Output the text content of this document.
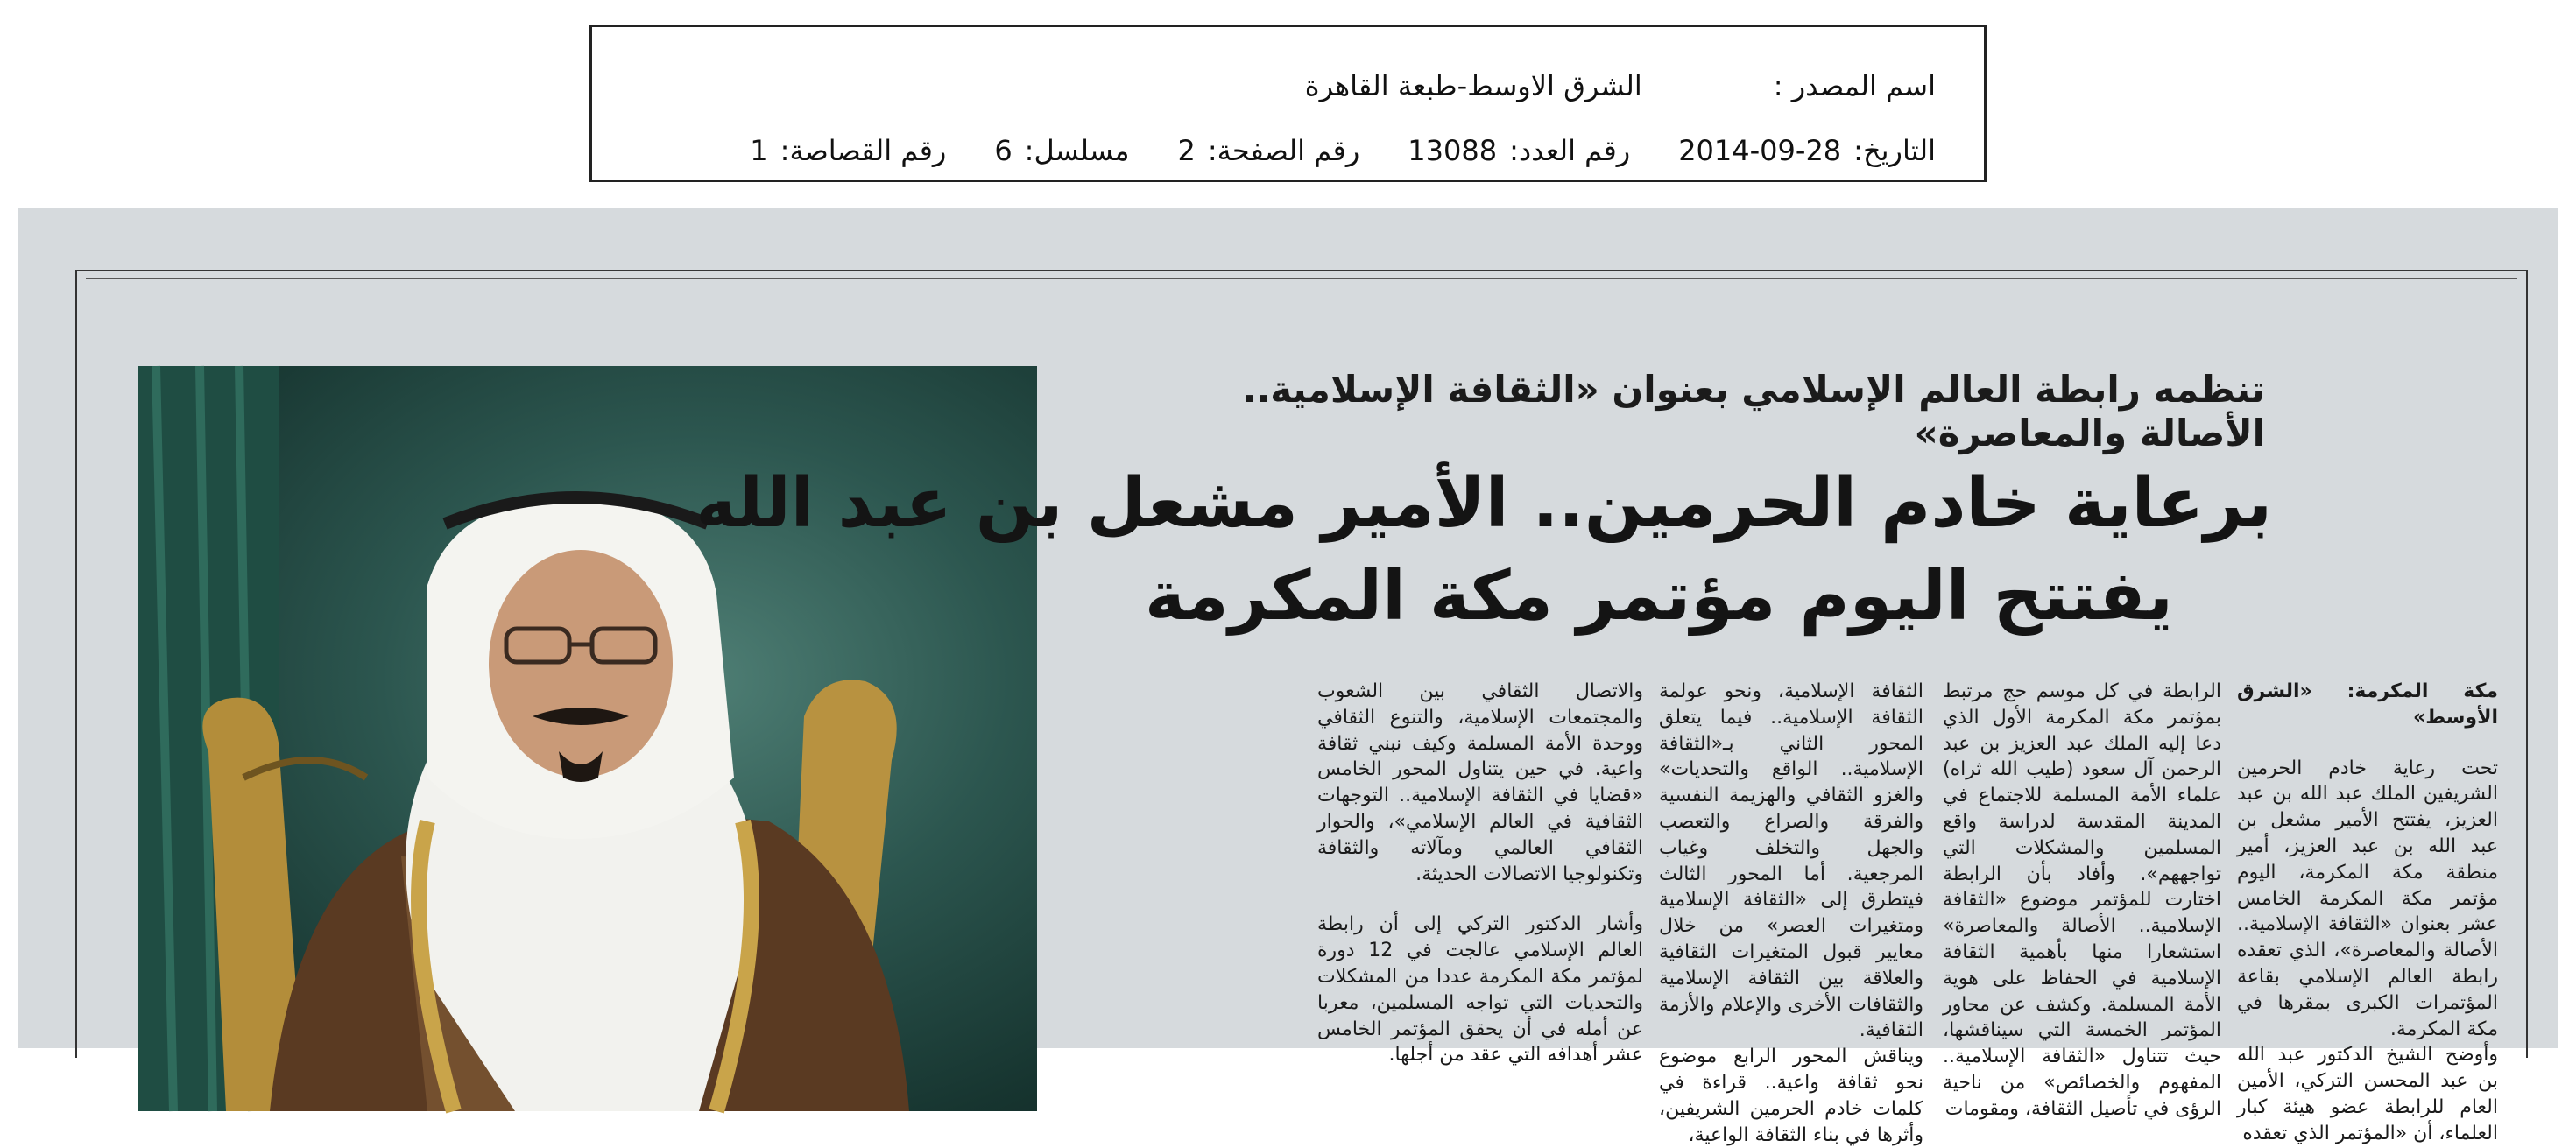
اسم المصدر :
الشرق الاوسط-طبعة القاهرة
التاريخ:
2014-09-28
رقم العدد:
13088
رقم الصفحة:
2
مسلسل:
6
رقم القصاصة:
1
تنظمه رابطة العالم الإسلامي بعنوان «الثقافة الإسلامية.. الأصالة والمعاصرة»
برعاية خادم الحرمين.. الأمير مشعل بن عبد الله
يفتتح اليوم مؤتمر مكة المكرمة

مكة المكرمة: «الشرق الأوسط»

تحت رعاية خادم الحرمين الشريفين الملك عبد الله بن عبد العزيز، يفتتح الأمير مشعل بن عبد الله بن عبد العزيز، أمير منطقة مكة المكرمة، اليوم مؤتمر مكة المكرمة الخامس عشر بعنوان «الثقافة الإسلامية.. الأصالة والمعاصرة»، الذي تعقده رابطة العالم الإسلامي بقاعة المؤتمرات الكبرى بمقرها في مكة المكرمة.

وأوضح الشيخ الدكتور عبد الله بن عبد المحسن التركي، الأمين العام للرابطة عضو هيئة كبار العلماء، أن «المؤتمر الذي تعقده

الرابطة في كل موسم حج مرتبط بمؤتمر مكة المكرمة الأول الذي دعا إليه الملك عبد العزيز بن عبد الرحمن آل سعود (طيب الله ثراه) علماء الأمة المسلمة للاجتماع في المدينة المقدسة لدراسة واقع المسلمين والمشكلات التي تواجههم». وأفاد بأن الرابطة اختارت للمؤتمر موضوع «الثقافة الإسلامية.. الأصالة والمعاصرة» استشعارا منها بأهمية الثقافة الإسلامية في الحفاظ على هوية الأمة المسلمة. وكشف عن محاور المؤتمر الخمسة التي سيناقشها، حيث تتناول «الثقافة الإسلامية.. المفهوم والخصائص» من ناحية الرؤى في تأصيل الثقافة، ومقومات

الثقافة الإسلامية، ونحو عولمة الثقافة الإسلامية.. فيما يتعلق المحور الثاني بـ«الثقافة الإسلامية.. الواقع والتحديات» والغزو الثقافي والهزيمة النفسية والفرقة والصراع والتعصب والجهل والتخلف وغياب المرجعية. أما المحور الثالث فيتطرق إلى «الثقافة الإسلامية ومتغيرات العصر» من خلال معايير قبول المتغيرات الثقافية والعلاقة بين الثقافة الإسلامية والثقافات الأخرى والإعلام والأزمة الثقافية.

ويناقش المحور الرابع موضوع نحو ثقافة واعية.. قراءة في كلمات خادم الحرمين الشريفين، وأثرها في بناء الثقافة الواعية،

والاتصال الثقافي بين الشعوب والمجتمعات الإسلامية، والتنوع الثقافي ووحدة الأمة المسلمة وكيف نبني ثقافة واعية. في حين يتناول المحور الخامس «قضايا في الثقافة الإسلامية.. التوجهات الثقافية في العالم الإسلامي»، والحوار الثقافي العالمي ومآلاته والثقافة وتكنولوجيا الاتصالات الحديثة.

وأشار الدكتور التركي إلى أن رابطة العالم الإسلامي عالجت في 12 دورة لمؤتمر مكة المكرمة عددا من المشكلات والتحديات التي تواجه المسلمين، معربا عن أمله في أن يحقق المؤتمر الخامس عشر أهدافه التي عقد من أجلها.
